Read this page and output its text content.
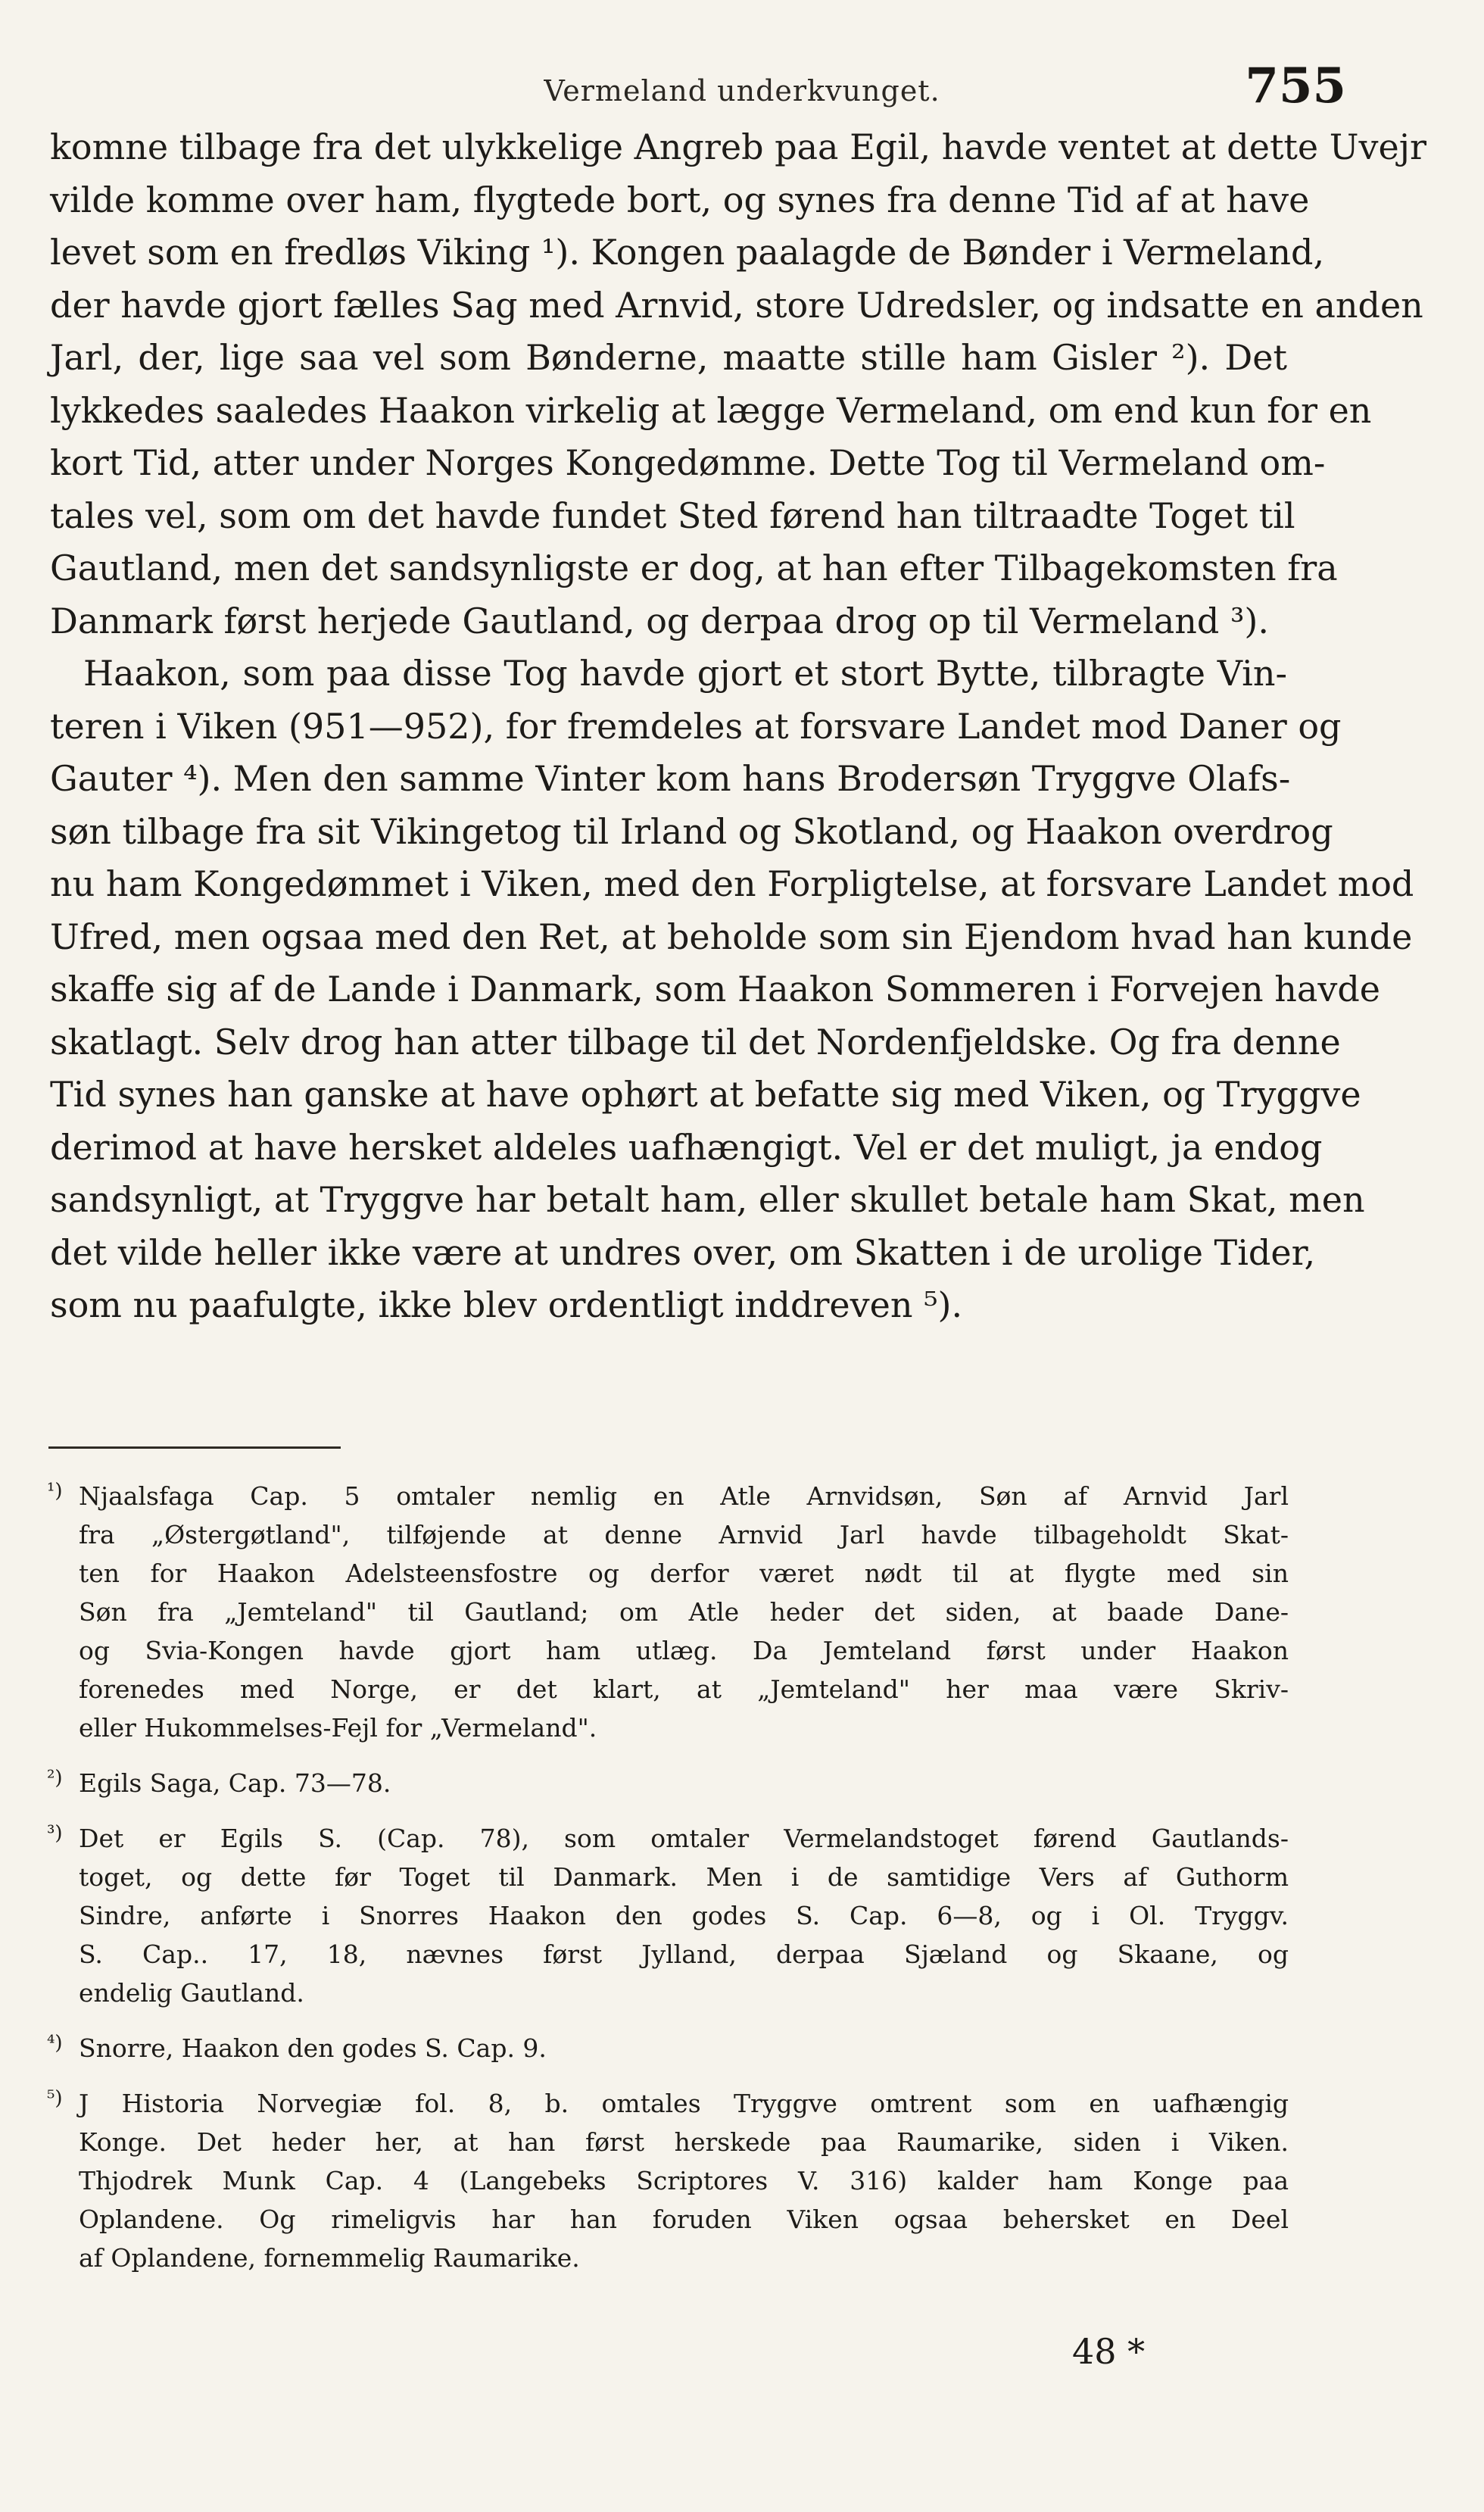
Vermeland underkvunget.	755
komne tilbage fra det ulykkelige Angreb paa Egil, havde ventet at dette Uvejr
vilde komme over ham, flygtede bort, og synes fra denne Tid af at have
levet som en fredløs Viking ¹). Kongen paalagde de Bønder i Vermeland,
der havde gjort fælles Sag med Arnvid, store Udredsler, og indsatte en anden
Jarl, der, lige saa vel som Bønderne, maatte stille ham Gisler ²). Det
lykkedes saaledes Haakon virkelig at lægge Vermeland, om end kun for en
kort Tid, atter under Norges Kongedømme. Dette Tog til Vermeland om-
tales vel, som om det havde fundet Sted førend han tiltraadte Toget til
Gautland, men det sandsynligste er dog, at han efter Tilbagekomsten fra
Danmark først herjede Gautland, og derpaa drog op til Vermeland ³).
Haakon, som paa disse Tog havde gjort et stort Bytte, tilbragte Vin-
teren i Viken (951—952), for fremdeles at forsvare Landet mod Daner og
Gauter ⁴). Men den samme Vinter kom hans Brodersøn Tryggve Olafs-
søn tilbage fra sit Vikingetog til Irland og Skotland, og Haakon overdrog
nu ham Kongedømmet i Viken, med den Forpligtelse, at forsvare Landet mod
Ufred, men ogsaa med den Ret, at beholde som sin Ejendom hvad han kunde
skaffe sig af de Lande i Danmark, som Haakon Sommeren i Forvejen havde
skatlagt. Selv drog han atter tilbage til det Nordenfjeldske. Og fra denne
Tid synes han ganske at have ophørt at befatte sig med Viken, og Tryggve
derimod at have hersket aldeles uafhængigt. Vel er det muligt, ja endog
sandsynligt, at Tryggve har betalt ham, eller skullet betale ham Skat, men
det vilde heller ikke være at undres over, om Skatten i de urolige Tider,
som nu paafulgte, ikke blev ordentligt inddreven ⁵).
¹) Njaalsfaga Cap. 5 omtaler nemlig en Atle Arnvidsøn, Søn af Arnvid Jarl
fra „Østergøtland", tilføjende at denne Arnvid Jarl havde tilbageholdt Skat-
ten for Haakon Adelsteensfostre og derfor været nødt til at flygte med sin
Søn fra „Jemteland" til Gautland; om Atle heder det siden, at baade Dane-
og Svia-Kongen havde gjort ham utlæg. Da Jemteland først under Haakon
forenedes med Norge, er det klart, at „Jemteland" her maa være Skriv-
eller Hukommelses-Fejl for „Vermeland".
²) Egils Saga, Cap. 73—78.
³) Det er Egils S. (Cap. 78), som omtaler Vermelandstoget førend Gautlands-
toget, og dette før Toget til Danmark. Men i de samtidige Vers af Guthorm
Sindre, anførte i Snorres Haakon den godes S. Cap. 6—8, og i Ol. Tryggv.
S. Cap.. 17, 18, nævnes først Jylland, derpaa Sjæland og Skaane, og
endelig Gautland.
⁴) Snorre, Haakon den godes S. Cap. 9.
⁵) J Historia Norvegiæ fol. 8, b. omtales Tryggve omtrent som en uafhængig
Konge. Det heder her, at han først herskede paa Raumarike, siden i Viken.
Thjodrek Munk Cap. 4 (Langebeks Scriptores V. 316) kalder ham Konge paa
Oplandene. Og rimeligvis har han foruden Viken ogsaa behersket en Deel
af Oplandene, fornemmelig Raumarike.
48 *
